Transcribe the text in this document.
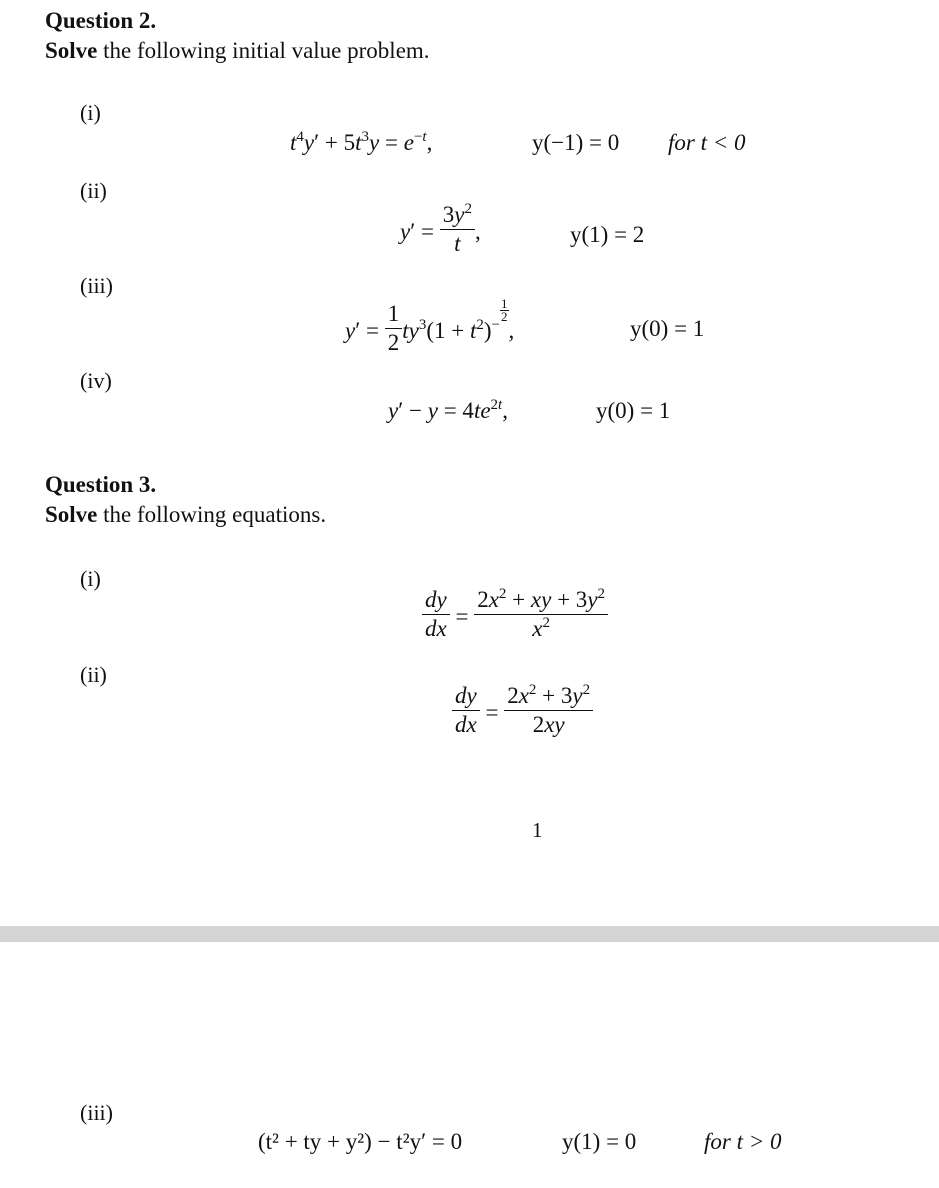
Question 2.
Solve the following initial value problem.
(i)
$t^4y' + 5t^3y = e^{-t}$,	y(−1) = 0 for t < 0
(ii)
$y' = \frac{3y^2}{t}$ ,	y(1) = 2
(iii)
$y' = \frac{1}{2} ty^3(1 + t^2)^{- \frac{1}{2}}$
,	y(0) = 1
(iv)
$y' - y = 4te^{2t}$,	y(0) = 1
Question 3.
Solve the following equations.
(i)
$\frac{dy}{dx} = \frac{2x^2 + xy + 3y^2}{x^2}$
(ii)
$\frac{dy}{dx} = \frac{2x^2 + 3y^2}{2xy}$
1
(iii)
(t² + ty + y²) − t²y′ = 0	y(1) = 0	for t > 0
